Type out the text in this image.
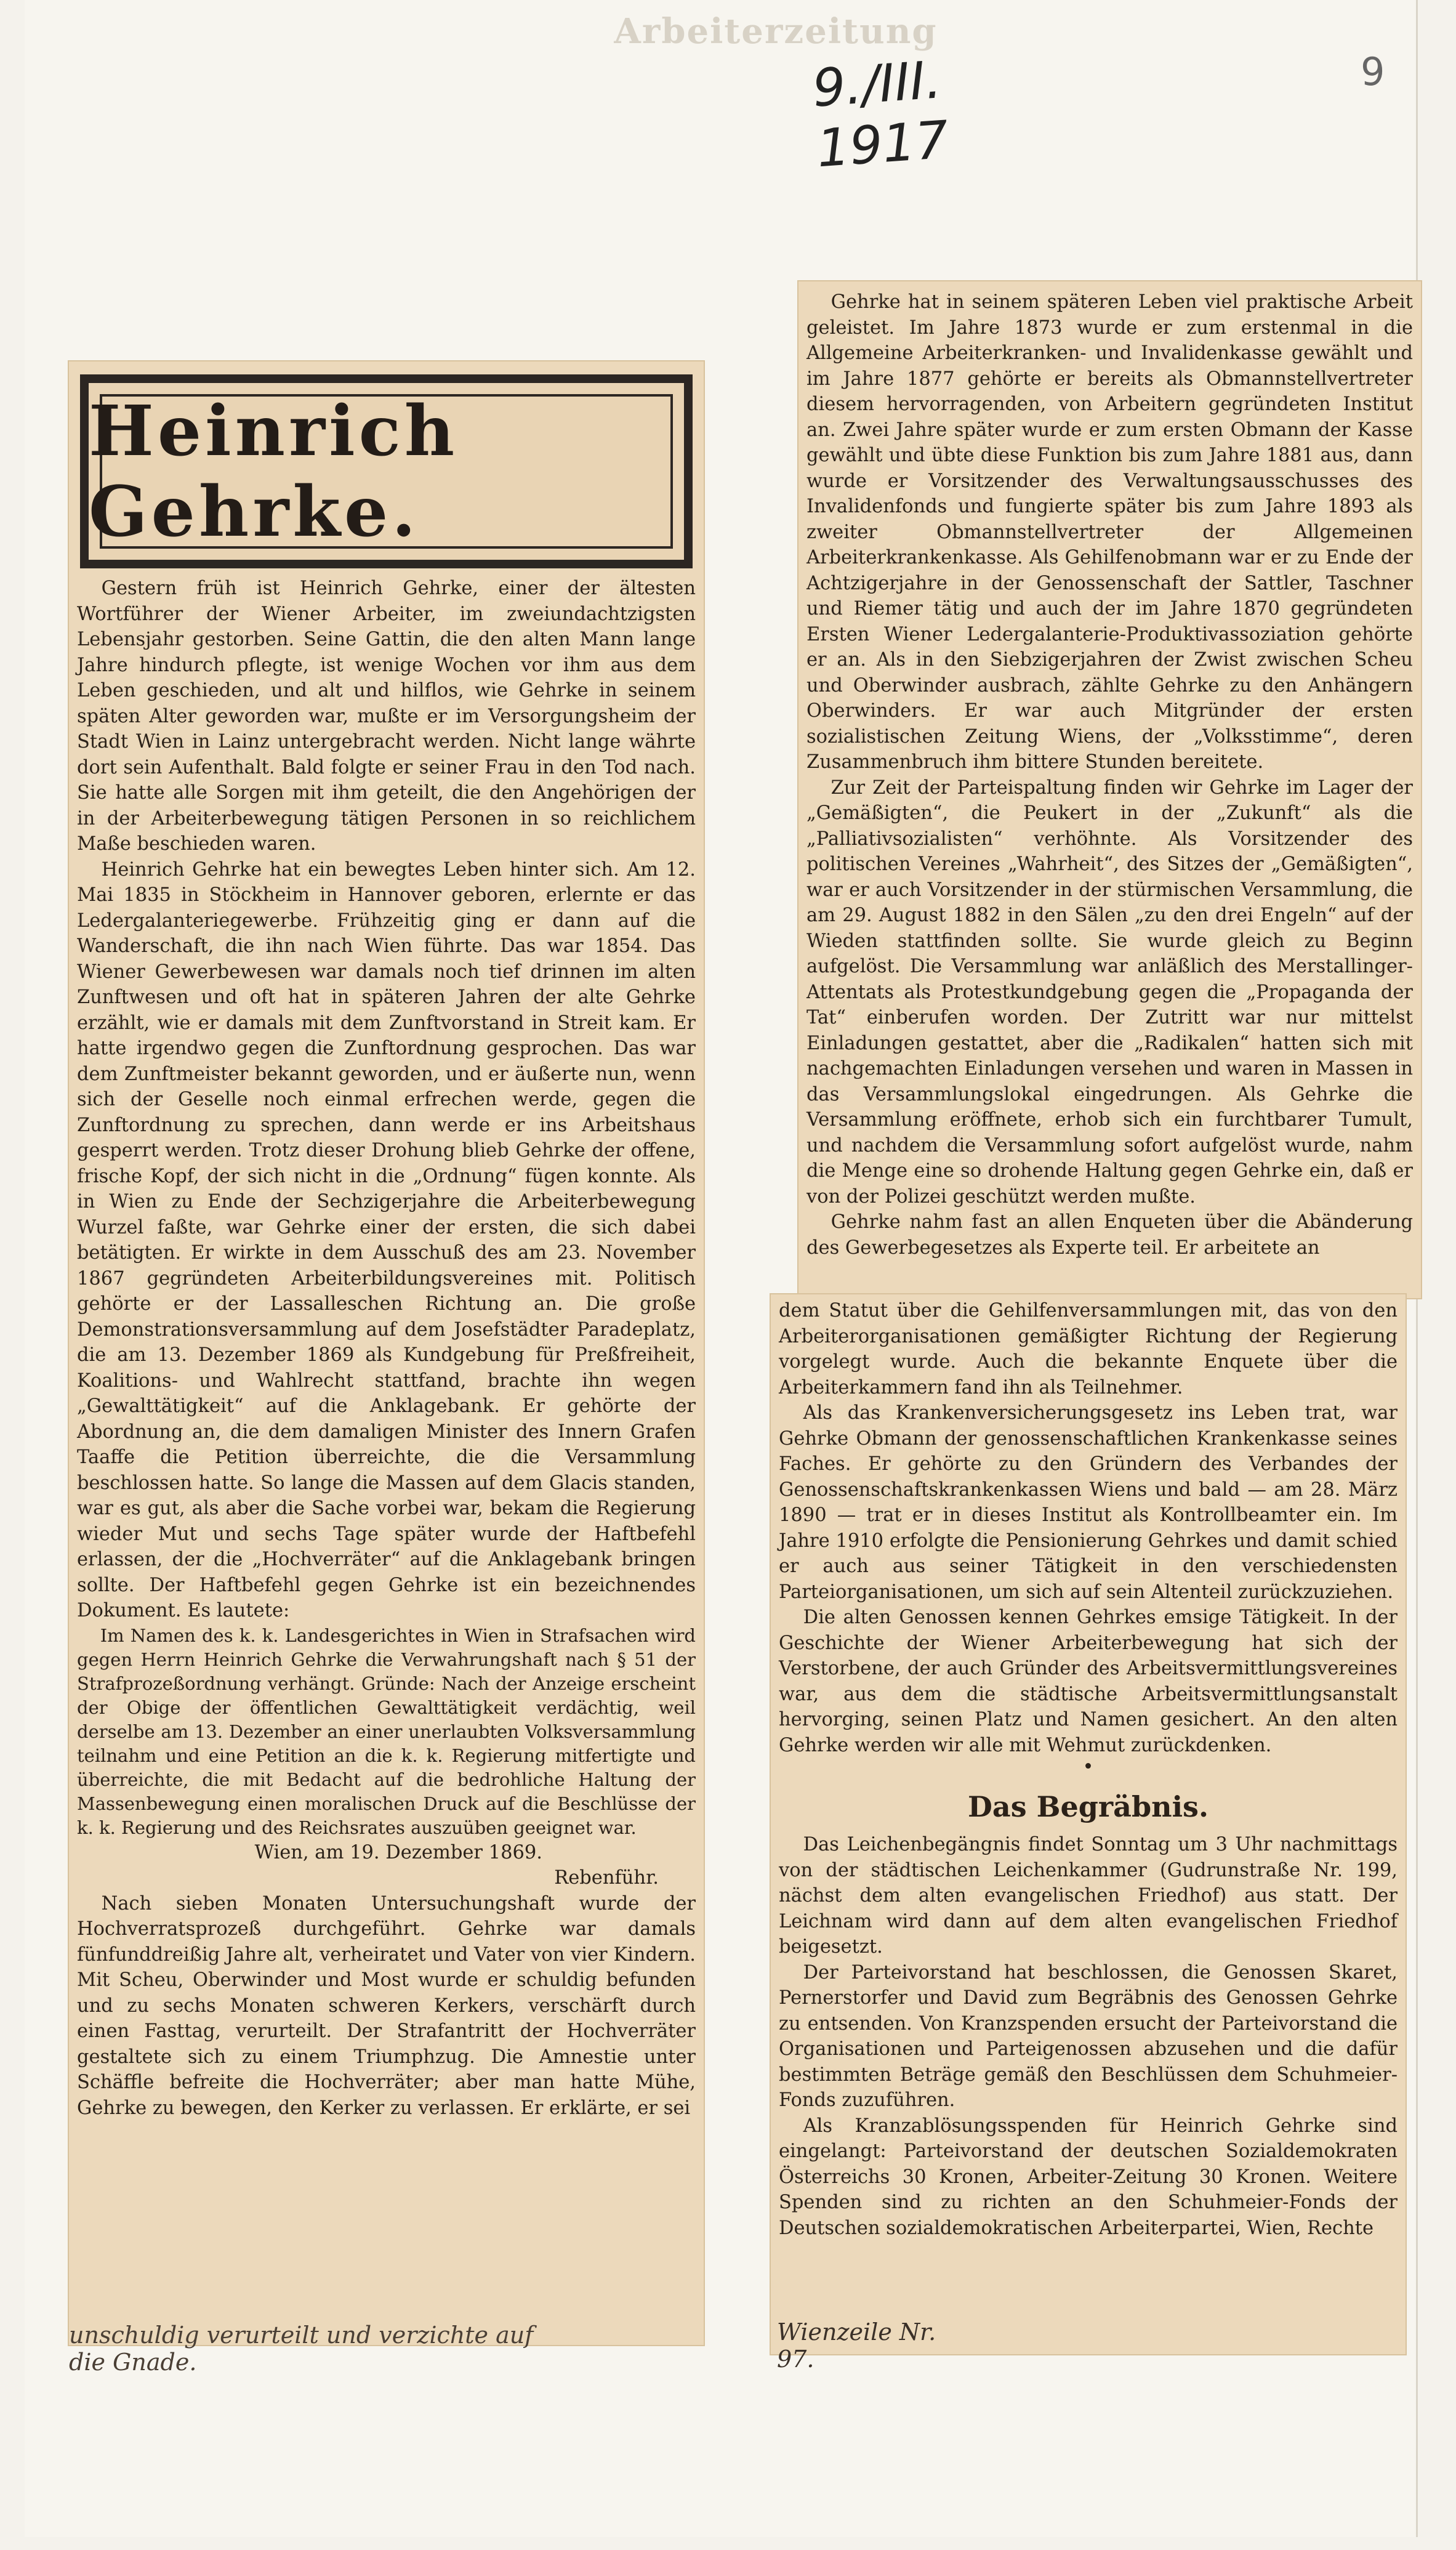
Arbeiterzeitung
9./III. 1917
9
Heinrich Gehrke.

Gestern früh ist Heinrich Gehrke, einer der ältesten Wortführer der Wiener Arbeiter, im zweiundachtzigsten Lebensjahr gestorben. Seine Gattin, die den alten Mann lange Jahre hindurch pflegte, ist wenige Wochen vor ihm aus dem Leben geschieden, und alt und hilflos, wie Gehrke in seinem späten Alter geworden war, mußte er im Versorgungsheim der Stadt Wien in Lainz untergebracht werden. Nicht lange währte dort sein Aufenthalt. Bald folgte er seiner Frau in den Tod nach. Sie hatte alle Sorgen mit ihm geteilt, die den Angehörigen der in der Arbeiterbewegung tätigen Personen in so reichlichem Maße beschieden waren.

Heinrich Gehrke hat ein bewegtes Leben hinter sich. Am 12. Mai 1835 in Stöckheim in Hannover geboren, erlernte er das Ledergalanteriegewerbe. Frühzeitig ging er dann auf die Wanderschaft, die ihn nach Wien führte. Das war 1854. Das Wiener Gewerbewesen war damals noch tief drinnen im alten Zunftwesen und oft hat in späteren Jahren der alte Gehrke erzählt, wie er damals mit dem Zunftvorstand in Streit kam. Er hatte irgendwo gegen die Zunftordnung gesprochen. Das war dem Zunftmeister bekannt geworden, und er äußerte nun, wenn sich der Geselle noch einmal erfrechen werde, gegen die Zunftordnung zu sprechen, dann werde er ins Arbeitshaus gesperrt werden. Trotz dieser Drohung blieb Gehrke der offene, frische Kopf, der sich nicht in die „Ordnung“ fügen konnte. Als in Wien zu Ende der Sechzigerjahre die Arbeiterbewegung Wurzel faßte, war Gehrke einer der ersten, die sich dabei betätigten. Er wirkte in dem Ausschuß des am 23. November 1867 gegründeten Arbeiterbildungsvereines mit. Politisch gehörte er der Lassalleschen Richtung an. Die große Demonstrationsversammlung auf dem Josefstädter Paradeplatz, die am 13. Dezember 1869 als Kundgebung für Preßfreiheit, Koalitions- und Wahlrecht stattfand, brachte ihn wegen „Gewalttätigkeit“ auf die Anklagebank. Er gehörte der Abordnung an, die dem damaligen Minister des Innern Grafen Taaffe die Petition überreichte, die die Versammlung beschlossen hatte. So lange die Massen auf dem Glacis standen, war es gut, als aber die Sache vorbei war, bekam die Regierung wieder Mut und sechs Tage später wurde der Haftbefehl erlassen, der die „Hochverräter“ auf die Anklagebank bringen sollte. Der Haftbefehl gegen Gehrke ist ein bezeichnendes Dokument. Es lautete:

Im Namen des k. k. Landesgerichtes in Wien in Strafsachen wird gegen Herrn Heinrich Gehrke die Verwahrungshaft nach § 51 der Strafprozeßordnung verhängt. Gründe: Nach der Anzeige erscheint der Obige der öffentlichen Gewalttätigkeit verdächtig, weil derselbe am 13. Dezember an einer unerlaubten Volksversammlung teilnahm und eine Petition an die k. k. Regierung mitfertigte und überreichte, die mit Bedacht auf die bedrohliche Haltung der Massenbewegung einen moralischen Druck auf die Beschlüsse der k. k. Regierung und des Reichsrates auszuüben geeignet war.

Wien, am 19. Dezember 1869.

Rebenführ.

Nach sieben Monaten Untersuchungshaft wurde der Hochverratsprozeß durchgeführt. Gehrke war damals fünfunddreißig Jahre alt, verheiratet und Vater von vier Kindern. Mit Scheu, Oberwinder und Most wurde er schuldig befunden und zu sechs Monaten schweren Kerkers, verschärft durch einen Fasttag, verurteilt. Der Strafantritt der Hochverräter gestaltete sich zu einem Triumphzug. Die Amnestie unter Schäffle befreite die Hochverräter; aber man hatte Mühe, Gehrke zu bewegen, den Kerker zu verlassen. Er erklärte, er sei

unschuldig verurteilt und verzichte auf die Gnade.

Gehrke hat in seinem späteren Leben viel praktische Arbeit geleistet. Im Jahre 1873 wurde er zum erstenmal in die Allgemeine Arbeiterkranken- und Invalidenkasse gewählt und im Jahre 1877 gehörte er bereits als Obmannstellvertreter diesem hervorragenden, von Arbeitern gegründeten Institut an. Zwei Jahre später wurde er zum ersten Obmann der Kasse gewählt und übte diese Funktion bis zum Jahre 1881 aus, dann wurde er Vorsitzender des Verwaltungsausschusses des Invalidenfonds und fungierte später bis zum Jahre 1893 als zweiter Obmannstellvertreter der Allgemeinen Arbeiterkrankenkasse. Als Gehilfenobmann war er zu Ende der Achtzigerjahre in der Genossenschaft der Sattler, Taschner und Riemer tätig und auch der im Jahre 1870 gegründeten Ersten Wiener Ledergalanterie-Produktivassoziation gehörte er an. Als in den Siebzigerjahren der Zwist zwischen Scheu und Oberwinder ausbrach, zählte Gehrke zu den Anhängern Oberwinders. Er war auch Mitgründer der ersten sozialistischen Zeitung Wiens, der „Volksstimme“, deren Zusammenbruch ihm bittere Stunden bereitete.

Zur Zeit der Parteispaltung finden wir Gehrke im Lager der „Gemäßigten“, die Peukert in der „Zukunft“ als die „Palliativsozialisten“ verhöhnte. Als Vorsitzender des politischen Vereines „Wahrheit“, des Sitzes der „Gemäßigten“, war er auch Vorsitzender in der stürmischen Versammlung, die am 29. August 1882 in den Sälen „zu den drei Engeln“ auf der Wieden stattfinden sollte. Sie wurde gleich zu Beginn aufgelöst. Die Versammlung war anläßlich des Merstallinger-Attentats als Protestkundgebung gegen die „Propaganda der Tat“ einberufen worden. Der Zutritt war nur mittelst Einladungen gestattet, aber die „Radikalen“ hatten sich mit nachgemachten Einladungen versehen und waren in Massen in das Versammlungslokal eingedrungen. Als Gehrke die Versammlung eröffnete, erhob sich ein furchtbarer Tumult, und nachdem die Versammlung sofort aufgelöst wurde, nahm die Menge eine so drohende Haltung gegen Gehrke ein, daß er von der Polizei geschützt werden mußte.

Gehrke nahm fast an allen Enqueten über die Abänderung des Gewerbegesetzes als Experte teil. Er arbeitete an

dem Statut über die Gehilfenversammlungen mit, das von den Arbeiterorganisationen gemäßigter Richtung der Regierung vorgelegt wurde. Auch die bekannte Enquete über die Arbeiterkammern fand ihn als Teilnehmer.

Als das Krankenversicherungsgesetz ins Leben trat, war Gehrke Obmann der genossenschaftlichen Krankenkasse seines Faches. Er gehörte zu den Gründern des Verbandes der Genossenschaftskrankenkassen Wiens und bald — am 28. März 1890 — trat er in dieses Institut als Kontrollbeamter ein. Im Jahre 1910 erfolgte die Pensionierung Gehrkes und damit schied er auch aus seiner Tätigkeit in den verschiedensten Parteiorganisationen, um sich auf sein Altenteil zurückzuziehen.

Die alten Genossen kennen Gehrkes emsige Tätigkeit. In der Geschichte der Wiener Arbeiterbewegung hat sich der Verstorbene, der auch Gründer des Arbeitsvermittlungsvereines war, aus dem die städtische Arbeitsvermittlungsanstalt hervorging, seinen Platz und Namen gesichert. An den alten Gehrke werden wir alle mit Wehmut zurückdenken.

•

Das Begräbnis.

Das Leichenbegängnis findet Sonntag um 3 Uhr nachmittags von der städtischen Leichenkammer (Gudrunstraße Nr. 199, nächst dem alten evangelischen Friedhof) aus statt. Der Leichnam wird dann auf dem alten evangelischen Friedhof beigesetzt.

Der Parteivorstand hat beschlossen, die Genossen Skaret, Pernerstorfer und David zum Begräbnis des Genossen Gehrke zu entsenden. Von Kranzspenden ersucht der Parteivorstand die Organisationen und Parteigenossen abzusehen und die dafür bestimmten Beträge gemäß den Beschlüssen dem Schuhmeier-Fonds zuzuführen.

Als Kranzablösungsspenden für Heinrich Gehrke sind eingelangt: Parteivorstand der deutschen Sozialdemokraten Österreichs 30 Kronen, Arbeiter-Zeitung 30 Kronen. Weitere Spenden sind zu richten an den Schuhmeier-Fonds der Deutschen sozialdemokratischen Arbeiterpartei, Wien, Rechte

Wienzeile Nr. 97.
